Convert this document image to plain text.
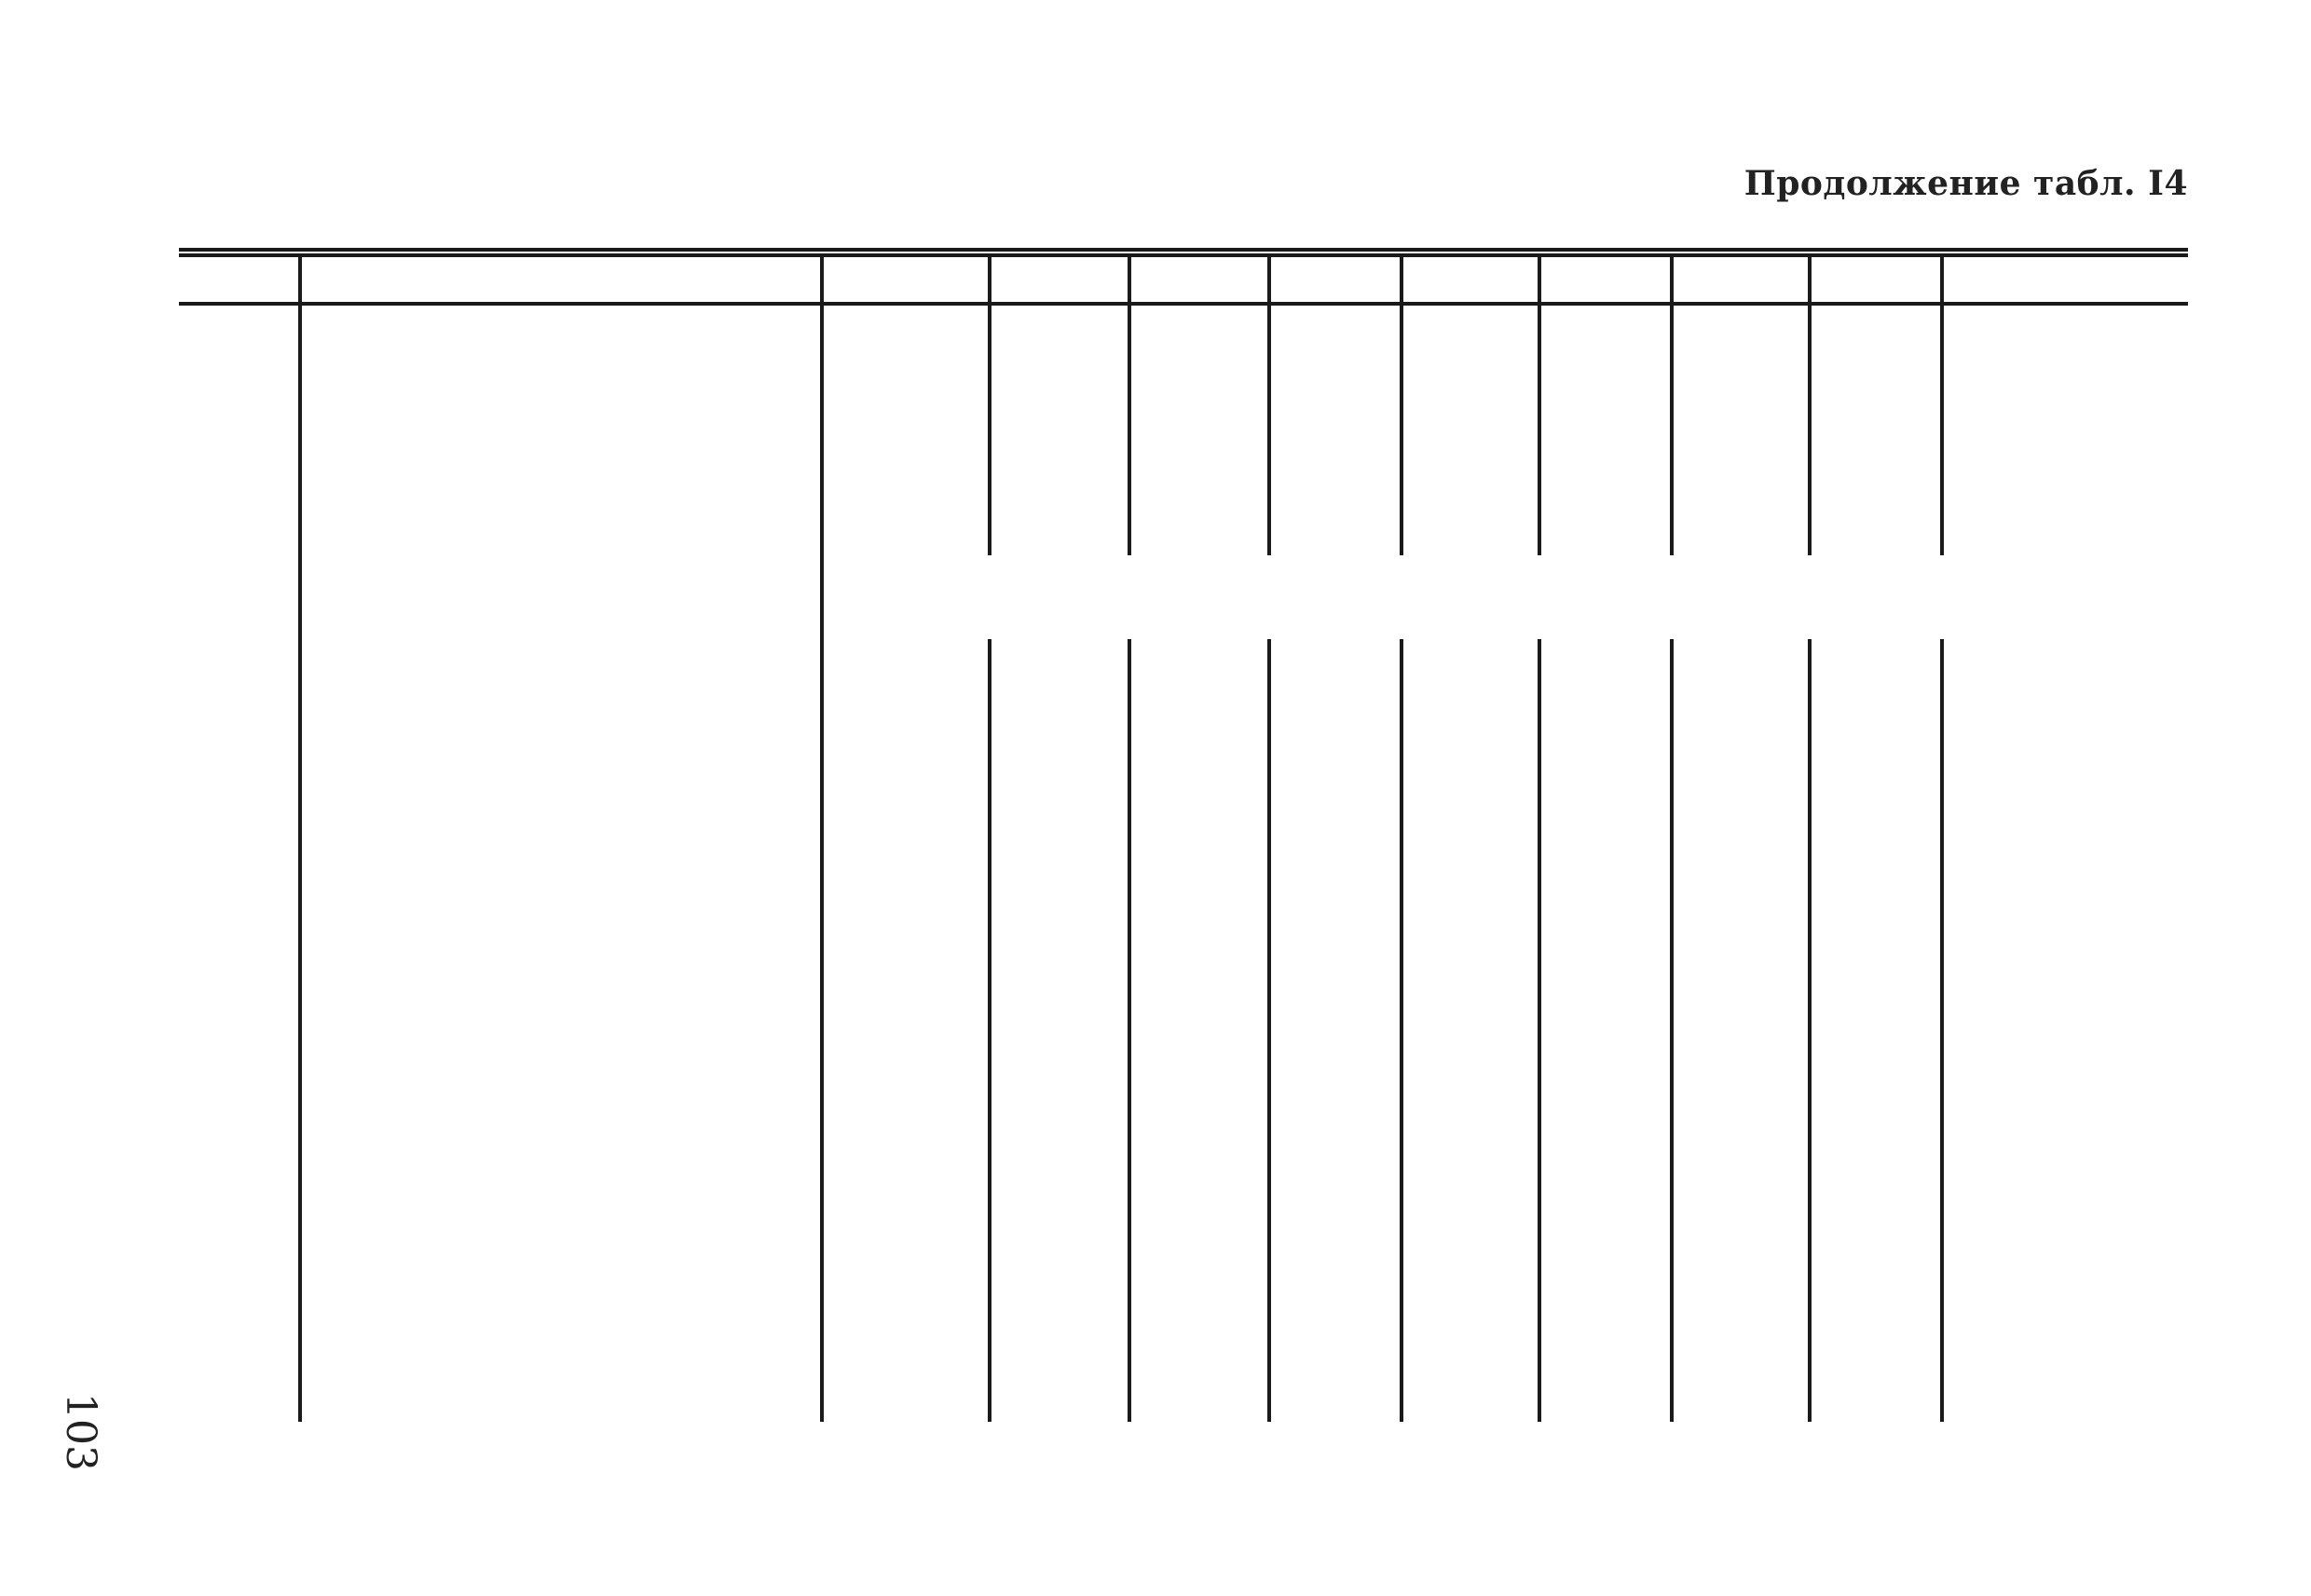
Продолжение табл. I4
103
